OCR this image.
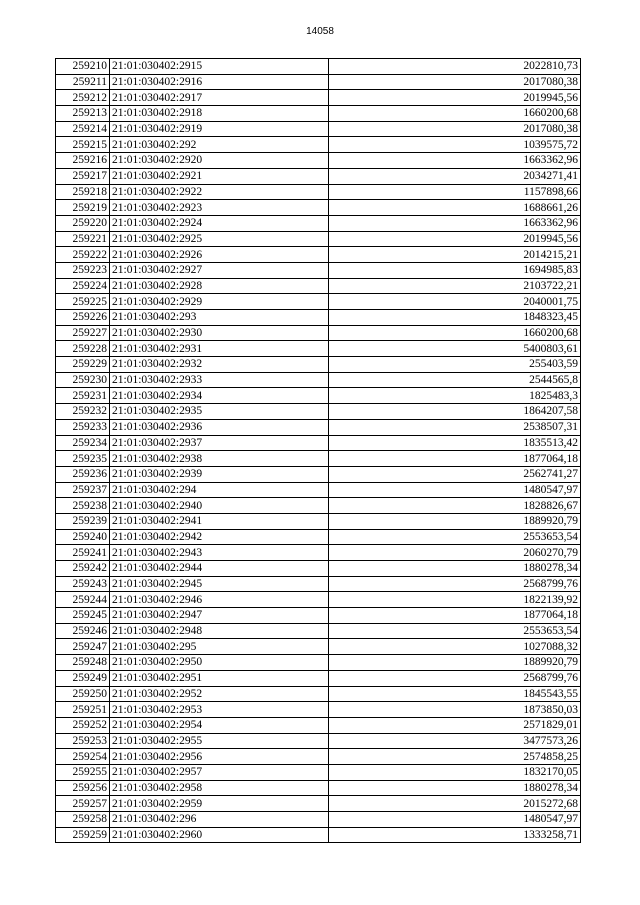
14058
259210	21:01:030402:2915	2022810,73
259211	21:01:030402:2916	2017080,38
259212	21:01:030402:2917	2019945,56
259213	21:01:030402:2918	1660200,68
259214	21:01:030402:2919	2017080,38
259215	21:01:030402:292	1039575,72
259216	21:01:030402:2920	1663362,96
259217	21:01:030402:2921	2034271,41
259218	21:01:030402:2922	1157898,66
259219	21:01:030402:2923	1688661,26
259220	21:01:030402:2924	1663362,96
259221	21:01:030402:2925	2019945,56
259222	21:01:030402:2926	2014215,21
259223	21:01:030402:2927	1694985,83
259224	21:01:030402:2928	2103722,21
259225	21:01:030402:2929	2040001,75
259226	21:01:030402:293	1848323,45
259227	21:01:030402:2930	1660200,68
259228	21:01:030402:2931	5400803,61
259229	21:01:030402:2932	255403,59
259230	21:01:030402:2933	2544565,8
259231	21:01:030402:2934	1825483,3
259232	21:01:030402:2935	1864207,58
259233	21:01:030402:2936	2538507,31
259234	21:01:030402:2937	1835513,42
259235	21:01:030402:2938	1877064,18
259236	21:01:030402:2939	2562741,27
259237	21:01:030402:294	1480547,97
259238	21:01:030402:2940	1828826,67
259239	21:01:030402:2941	1889920,79
259240	21:01:030402:2942	2553653,54
259241	21:01:030402:2943	2060270,79
259242	21:01:030402:2944	1880278,34
259243	21:01:030402:2945	2568799,76
259244	21:01:030402:2946	1822139,92
259245	21:01:030402:2947	1877064,18
259246	21:01:030402:2948	2553653,54
259247	21:01:030402:295	1027088,32
259248	21:01:030402:2950	1889920,79
259249	21:01:030402:2951	2568799,76
259250	21:01:030402:2952	1845543,55
259251	21:01:030402:2953	1873850,03
259252	21:01:030402:2954	2571829,01
259253	21:01:030402:2955	3477573,26
259254	21:01:030402:2956	2574858,25
259255	21:01:030402:2957	1832170,05
259256	21:01:030402:2958	1880278,34
259257	21:01:030402:2959	2015272,68
259258	21:01:030402:296	1480547,97
259259	21:01:030402:2960	1333258,71
